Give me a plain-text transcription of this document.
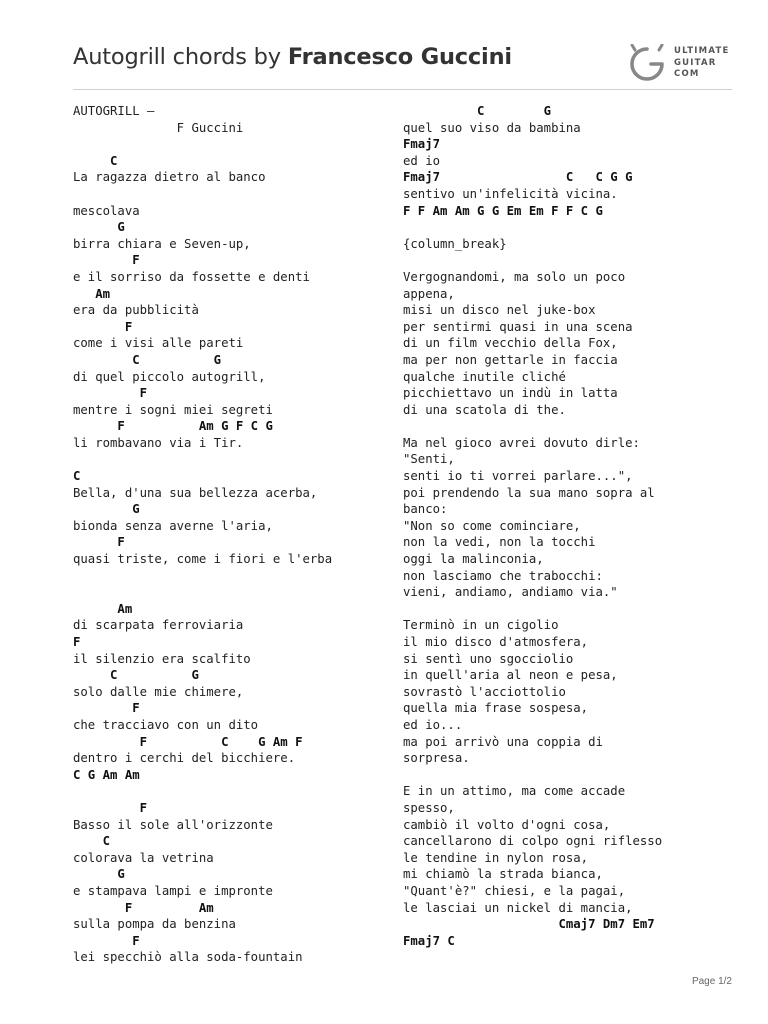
Autogrill chords by Francesco Guccini	ULTIMATE
GUITAR
COM
AUTOGRILL –
F Guccini
C
La ragazza dietro al banco
mescolava
G
birra chiara e Seven-up,
F
e il sorriso da fossette e denti
Am
era da pubblicità
F
come i visi alle pareti
C          G
di quel piccolo autogrill,
F
mentre i sogni miei segreti
F          Am G F C G
li rombavano via i Tir.
C
Bella, d'una sua bellezza acerba,
G
bionda senza averne l'aria,
F
quasi triste, come i fiori e l'erba
Am
di scarpata ferroviaria
F
il silenzio era scalfito
C          G
solo dalle mie chimere,
F
che tracciavo con un dito
F          C    G Am F
dentro i cerchi del bicchiere.
C G Am Am
F
Basso il sole all'orizzonte
C
colorava la vetrina
G
e stampava lampi e impronte
F         Am
sulla pompa da benzina
F
lei specchiò alla soda-fountain
C        G
quel suo viso da bambina
Fmaj7
ed io
Fmaj7                 C   C G G
sentivo un'infelicità vicina.
F F Am Am G G Em Em F F C G
{column_break}
Vergognandomi, ma solo un poco
appena,
misi un disco nel juke-box
per sentirmi quasi in una scena
di un film vecchio della Fox,
ma per non gettarle in faccia
qualche inutile cliché
picchiettavo un indù in latta
di una scatola di the.
Ma nel gioco avrei dovuto dirle:
"Senti,
senti io ti vorrei parlare...",
poi prendendo la sua mano sopra al
banco:
"Non so come cominciare,
non la vedi, non la tocchi
oggi la malinconia,
non lasciamo che trabocchi:
vieni, andiamo, andiamo via."
Terminò in un cigolio
il mio disco d'atmosfera,
si sentì uno sgocciolio
in quell'aria al neon e pesa,
sovrastò l'acciottolio
quella mia frase sospesa,
ed io...
ma poi arrivò una coppia di
sorpresa.
E in un attimo, ma come accade
spesso,
cambiò il volto d'ogni cosa,
cancellarono di colpo ogni riflesso
le tendine in nylon rosa,
mi chiamò la strada bianca,
"Quant'è?" chiesi, e la pagai,
le lasciai un nickel di mancia,
Cmaj7 Dm7 Em7
Fmaj7 C
Page 1/2
